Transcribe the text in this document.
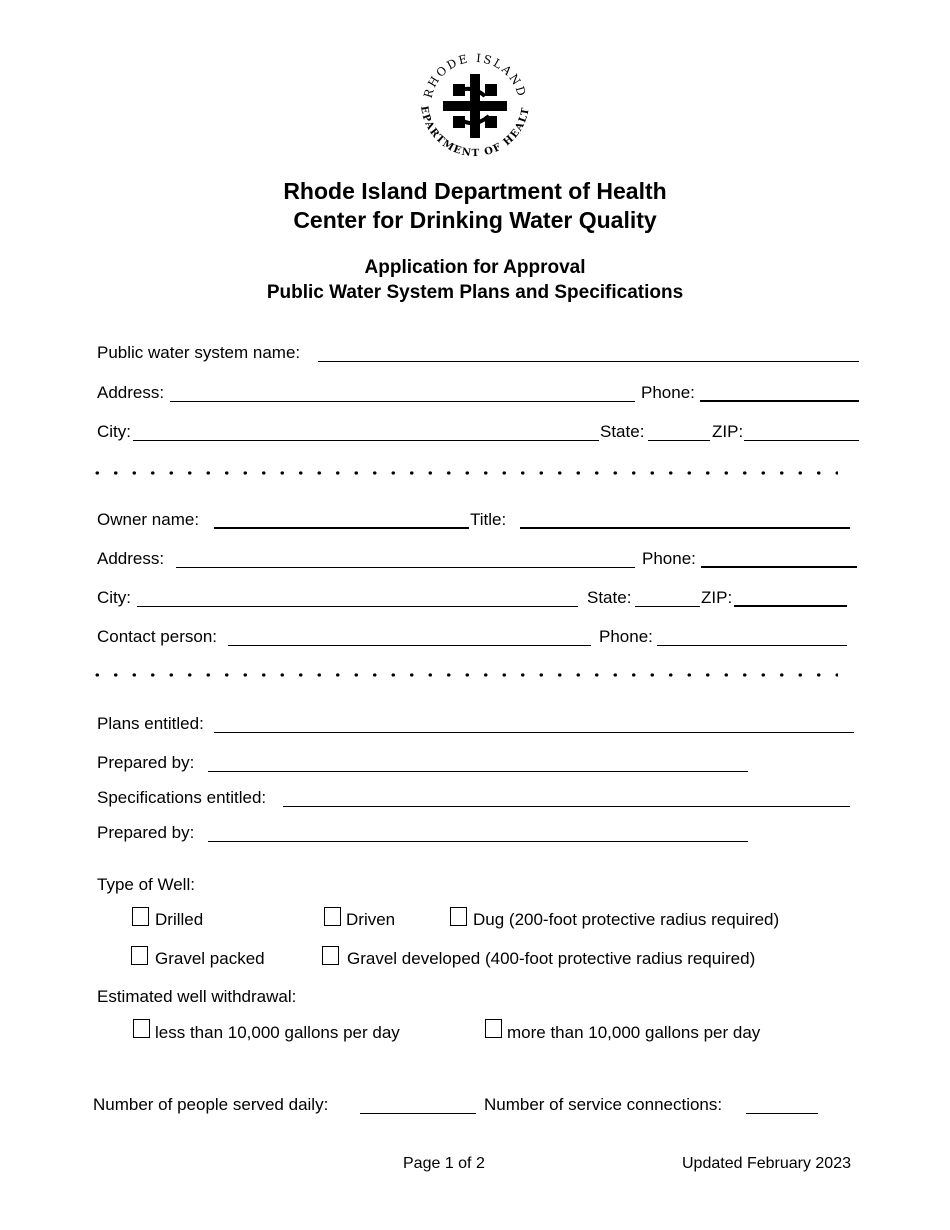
RHODE ISLAND
EPARTMENT OF HEALT
Rhode Island Department of Health
Center for Drinking Water Quality
Application for Approval
Public Water System Plans and Specifications
Public water system name:
Address:	Phone:
City:	State:	ZIP:
Owner name:	Title:
Address:	Phone:
City:	State:	ZIP:
Contact person:	Phone:
Plans entitled:
Prepared by:
Specifications entitled:
Prepared by:
Type of Well:
Drilled	Driven	Dug (200-foot protective radius required)
Gravel packed	Gravel developed (400-foot protective radius required)
Estimated well withdrawal:
less than 10,000 gallons per day	more than 10,000 gallons per day
Number of people served daily:	Number of service connections:
Page 1 of 2	Updated February 2023
